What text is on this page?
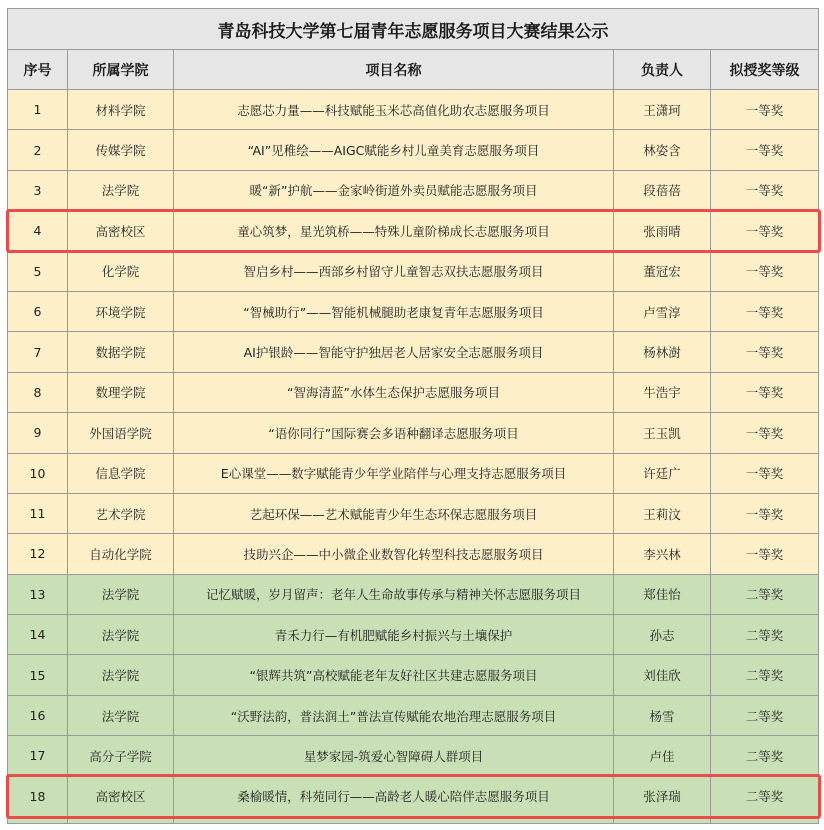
青岛科技大学第七届青年志愿服务项目大赛结果公示				
序号	所属学院	项目名称	负责人	拟授奖等级
1	材料学院	志愿芯力量——科技赋能玉米芯高值化助农志愿服务项目	王潇珂	一等奖
2	传媒学院	“AI”见稚绘——AIGC赋能乡村儿童美育志愿服务项目	林姿含	一等奖
3	法学院	暖“新”护航——金家岭街道外卖员赋能志愿服务项目	段蓓蓓	一等奖
4	高密校区	童心筑梦，星光筑桥——特殊儿童阶梯成长志愿服务项目	张雨晴	一等奖
5	化学院	智启乡村——西部乡村留守儿童智志双扶志愿服务项目	董冠宏	一等奖
6	环境学院	“智械助行”——智能机械腿助老康复青年志愿服务项目	卢雪淳	一等奖
7	数据学院	AI护银龄——智能守护独居老人居家安全志愿服务项目	杨林澍	一等奖
8	数理学院	“智海清蓝”水体生态保护志愿服务项目	牛浩宇	一等奖
9	外国语学院	“语你同行”国际赛会多语种翻译志愿服务项目	王玉凯	一等奖
10	信息学院	E心课堂——数字赋能青少年学业陪伴与心理支持志愿服务项目	许廷广	一等奖
11	艺术学院	艺起环保——艺术赋能青少年生态环保志愿服务项目	王莉汶	一等奖
12	自动化学院	技助兴企——中小微企业数智化转型科技志愿服务项目	李兴林	一等奖
13	法学院	记忆赋暖，岁月留声：老年人生命故事传承与精神关怀志愿服务项目	郑佳怡	二等奖
14	法学院	青禾力行—有机肥赋能乡村振兴与土壤保护	孙志	二等奖
15	法学院	“银辉共筑”高校赋能老年友好社区共建志愿服务项目	刘佳欣	二等奖
16	法学院	“沃野法韵，普法润土”普法宣传赋能农地治理志愿服务项目	杨雪	二等奖
17	高分子学院	星梦家园-筑爱心智障碍人群项目	卢佳	二等奖
18	高密校区	桑榆暖情，科苑同行——高龄老人暖心陪伴志愿服务项目	张泽瑞	二等奖
